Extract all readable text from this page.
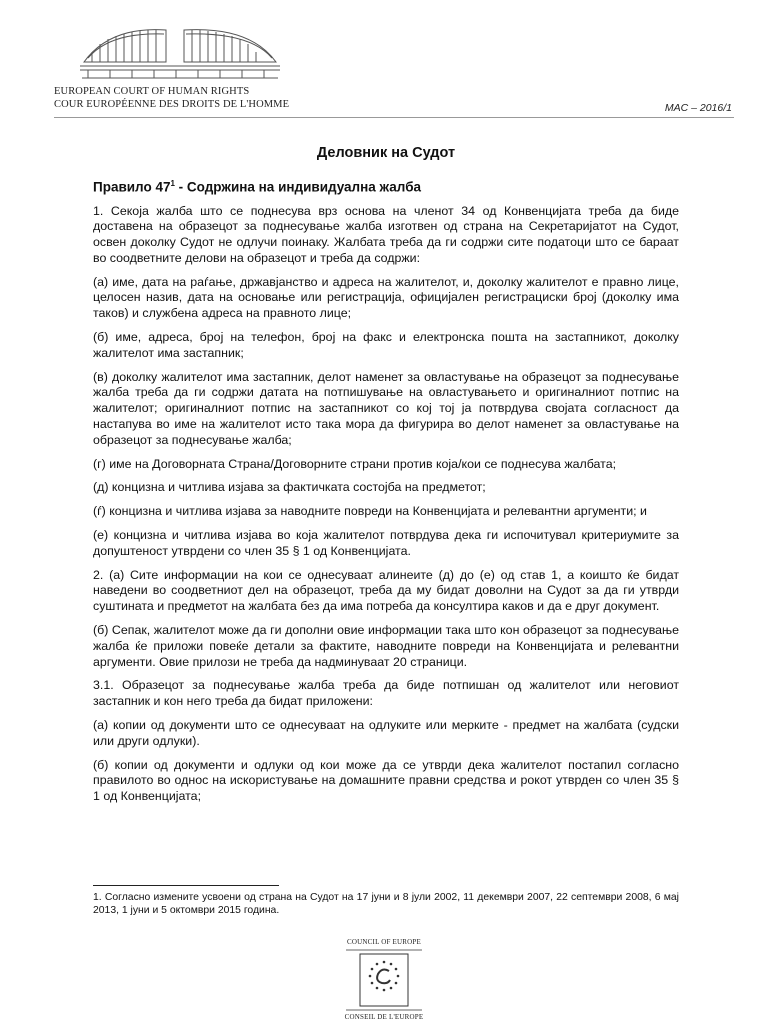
EUROPEAN COURT OF HUMAN RIGHTS
COUR EUROPÉENNE DES DROITS DE L'HOMME	MAC – 2016/1
Деловник на Судот
Правило $47^1$ - Содржина на индивидуална жалба

1. Секоја жалба што се поднесува врз основа на членот 34 од Конвенцијата треба да биде доставена на образецот за поднесување жалба изготвен од страна на Секретаријатот на Судот, освен доколку Судот не одлучи поинаку. Жалбата треба да ги содржи сите податоци што се бараат во соодветните делови на образецот и треба да содржи:

(а) име, дата на раѓање, државјанство и адреса на жалителот, и, доколку жалителот е правно лице, целосен назив, дата на основање или регистрација, официјален регистрациски број (доколку има таков) и службена адреса на правното лице;

(б) име, адреса, број на телефон, број на факс и електронска пошта на застапникот, доколку жалителот има застапник;

(в) доколку жалителот има застапник, делот наменет за овластување на образецот за поднесување жалба треба да ги содржи датата на потпишување на овластувањето и оригиналниот потпис на жалителот; оригиналниот потпис на застапникот со кој тој ја потврдува својата согласност да настапува во име на жалителот исто така мора да фигурира во делот наменет за овластување на образецот за поднесување жалба;

(г) име на Договорната Страна/Договорните страни против која/кои се поднесува жалбата;

(д) концизна и читлива изјава за фактичката состојба на предметот;

(ѓ) концизна и читлива изјава за наводните повреди на Конвенцијата и релевантни аргументи; и

(е) концизна и читлива изјава во која жалителот потврдува дека ги испочитувал критериумите за допуштеност утврдени со член 35 § 1 од Конвенцијата.

2. (а) Сите информации на кои се однесуваат алинеите (д) до (е) од став 1, а коишто ќе бидат наведени во соодветниот дел на образецот, треба да му бидат доволни на Судот за да ги утврди суштината и предметот на жалбата без да има потреба да консултира каков и да е друг документ.

(б) Сепак, жалителот може да ги дополни овие информации така што кон образецот за поднесување жалба ќе приложи повеќе детали за фактите, наводните повреди на Конвенцијата и релевантни аргументи. Овие прилози не треба да надминуваат 20 страници.

3.1. Образецот за поднесување жалба треба да биде потпишан од жалителот или неговиот застапник и кон него треба да бидат приложени:

(а) копии од документи што се однесуваат на одлуките или мерките - предмет на жалбата (судски или други одлуки).

(б) копии од документи и одлуки од кои може да се утврди дека жалителот постапил согласно правилото во однос на искористување на домашните правни средства и рокот утврден со член 35 § 1 од Конвенцијата;

1. Согласно измените усвоени од страна на Судот на 17 јуни и 8 јули 2002, 11 декември 2007, 22 септември 2008, 6 мај 2013, 1 јуни и 5 октомври 2015 година.
COUNCIL OF EUROPE
CONSEIL DE L'EUROPE
